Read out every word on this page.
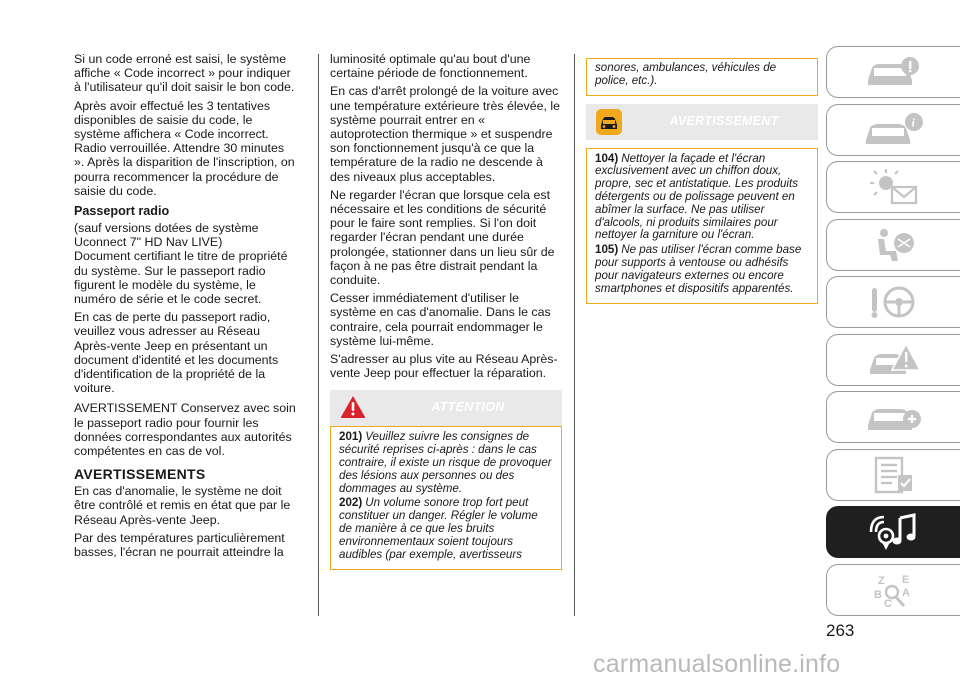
Si un code erroné est saisi, le système affiche « Code incorrect » pour indiquer à l'utilisateur qu'il doit saisir le bon code.

Après avoir effectué les 3 tentatives disponibles de saisie du code, le système affichera « Code incorrect. Radio verrouillée. Attendre 30 minutes ». Après la disparition de l'inscription, on pourra recommencer la procédure de saisie du code.

Passeport radio

(sauf versions dotées de système Uconnect 7" HD Nav LIVE)

Document certifiant le titre de propriété du système. Sur le passeport radio figurent le modèle du système, le numéro de série et le code secret.

En cas de perte du passeport radio, veuillez vous adresser au Réseau Après-vente Jeep en présentant un document d'identité et les documents d'identification de la propriété de la voiture.

AVERTISSEMENT Conservez avec soin le passeport radio pour fournir les données correspondantes aux autorités compétentes en cas de vol.

AVERTISSEMENTS

En cas d'anomalie, le système ne doit être contrôlé et remis en état que par le Réseau Après-vente Jeep.

Par des températures particulièrement basses, l'écran ne pourrait atteindre la

luminosité optimale qu'au bout d'une certaine période de fonctionnement.

En cas d'arrêt prolongé de la voiture avec une température extérieure très élevée, le système pourrait entrer en « autoprotection thermique » et suspendre son fonctionnement jusqu'à ce que la température de la radio ne descende à des niveaux plus acceptables.

Ne regarder l'écran que lorsque cela est nécessaire et les conditions de sécurité pour le faire sont remplies. Si l'on doit regarder l'écran pendant une durée prolongée, stationner dans un lieu sûr de façon à ne pas être distrait pendant la conduite.

Cesser immédiatement d'utiliser le système en cas d'anomalie. Dans le cas contraire, cela pourrait endommager le système lui-même.

S'adresser au plus vite au Réseau Après-vente Jeep pour effectuer la réparation.

ATTENTION

201) Veuillez suivre les consignes de sécurité reprises ci-après : dans le cas contraire, il existe un risque de provoquer des lésions aux personnes ou des dommages au système.

202) Un volume sonore trop fort peut constituer un danger. Régler le volume de manière à ce que les bruits environnementaux soient toujours audibles (par exemple, avertisseurs

sonores, ambulances, véhicules de police, etc.).

AVERTISSEMENT

104) Nettoyer la façade et l'écran exclusivement avec un chiffon doux, propre, sec et antistatique. Les produits détergents ou de polissage peuvent en abîmer la surface. Ne pas utiliser d'alcools, ni produits similaires pour nettoyer la garniture ou l'écran.

105) Ne pas utiliser l'écran comme base pour supports à ventouse ou adhésifs pour navigateurs externes ou encore smartphones et dispositifs apparentés.

i
Z E
B A
C
263
carmanualsonline.info
